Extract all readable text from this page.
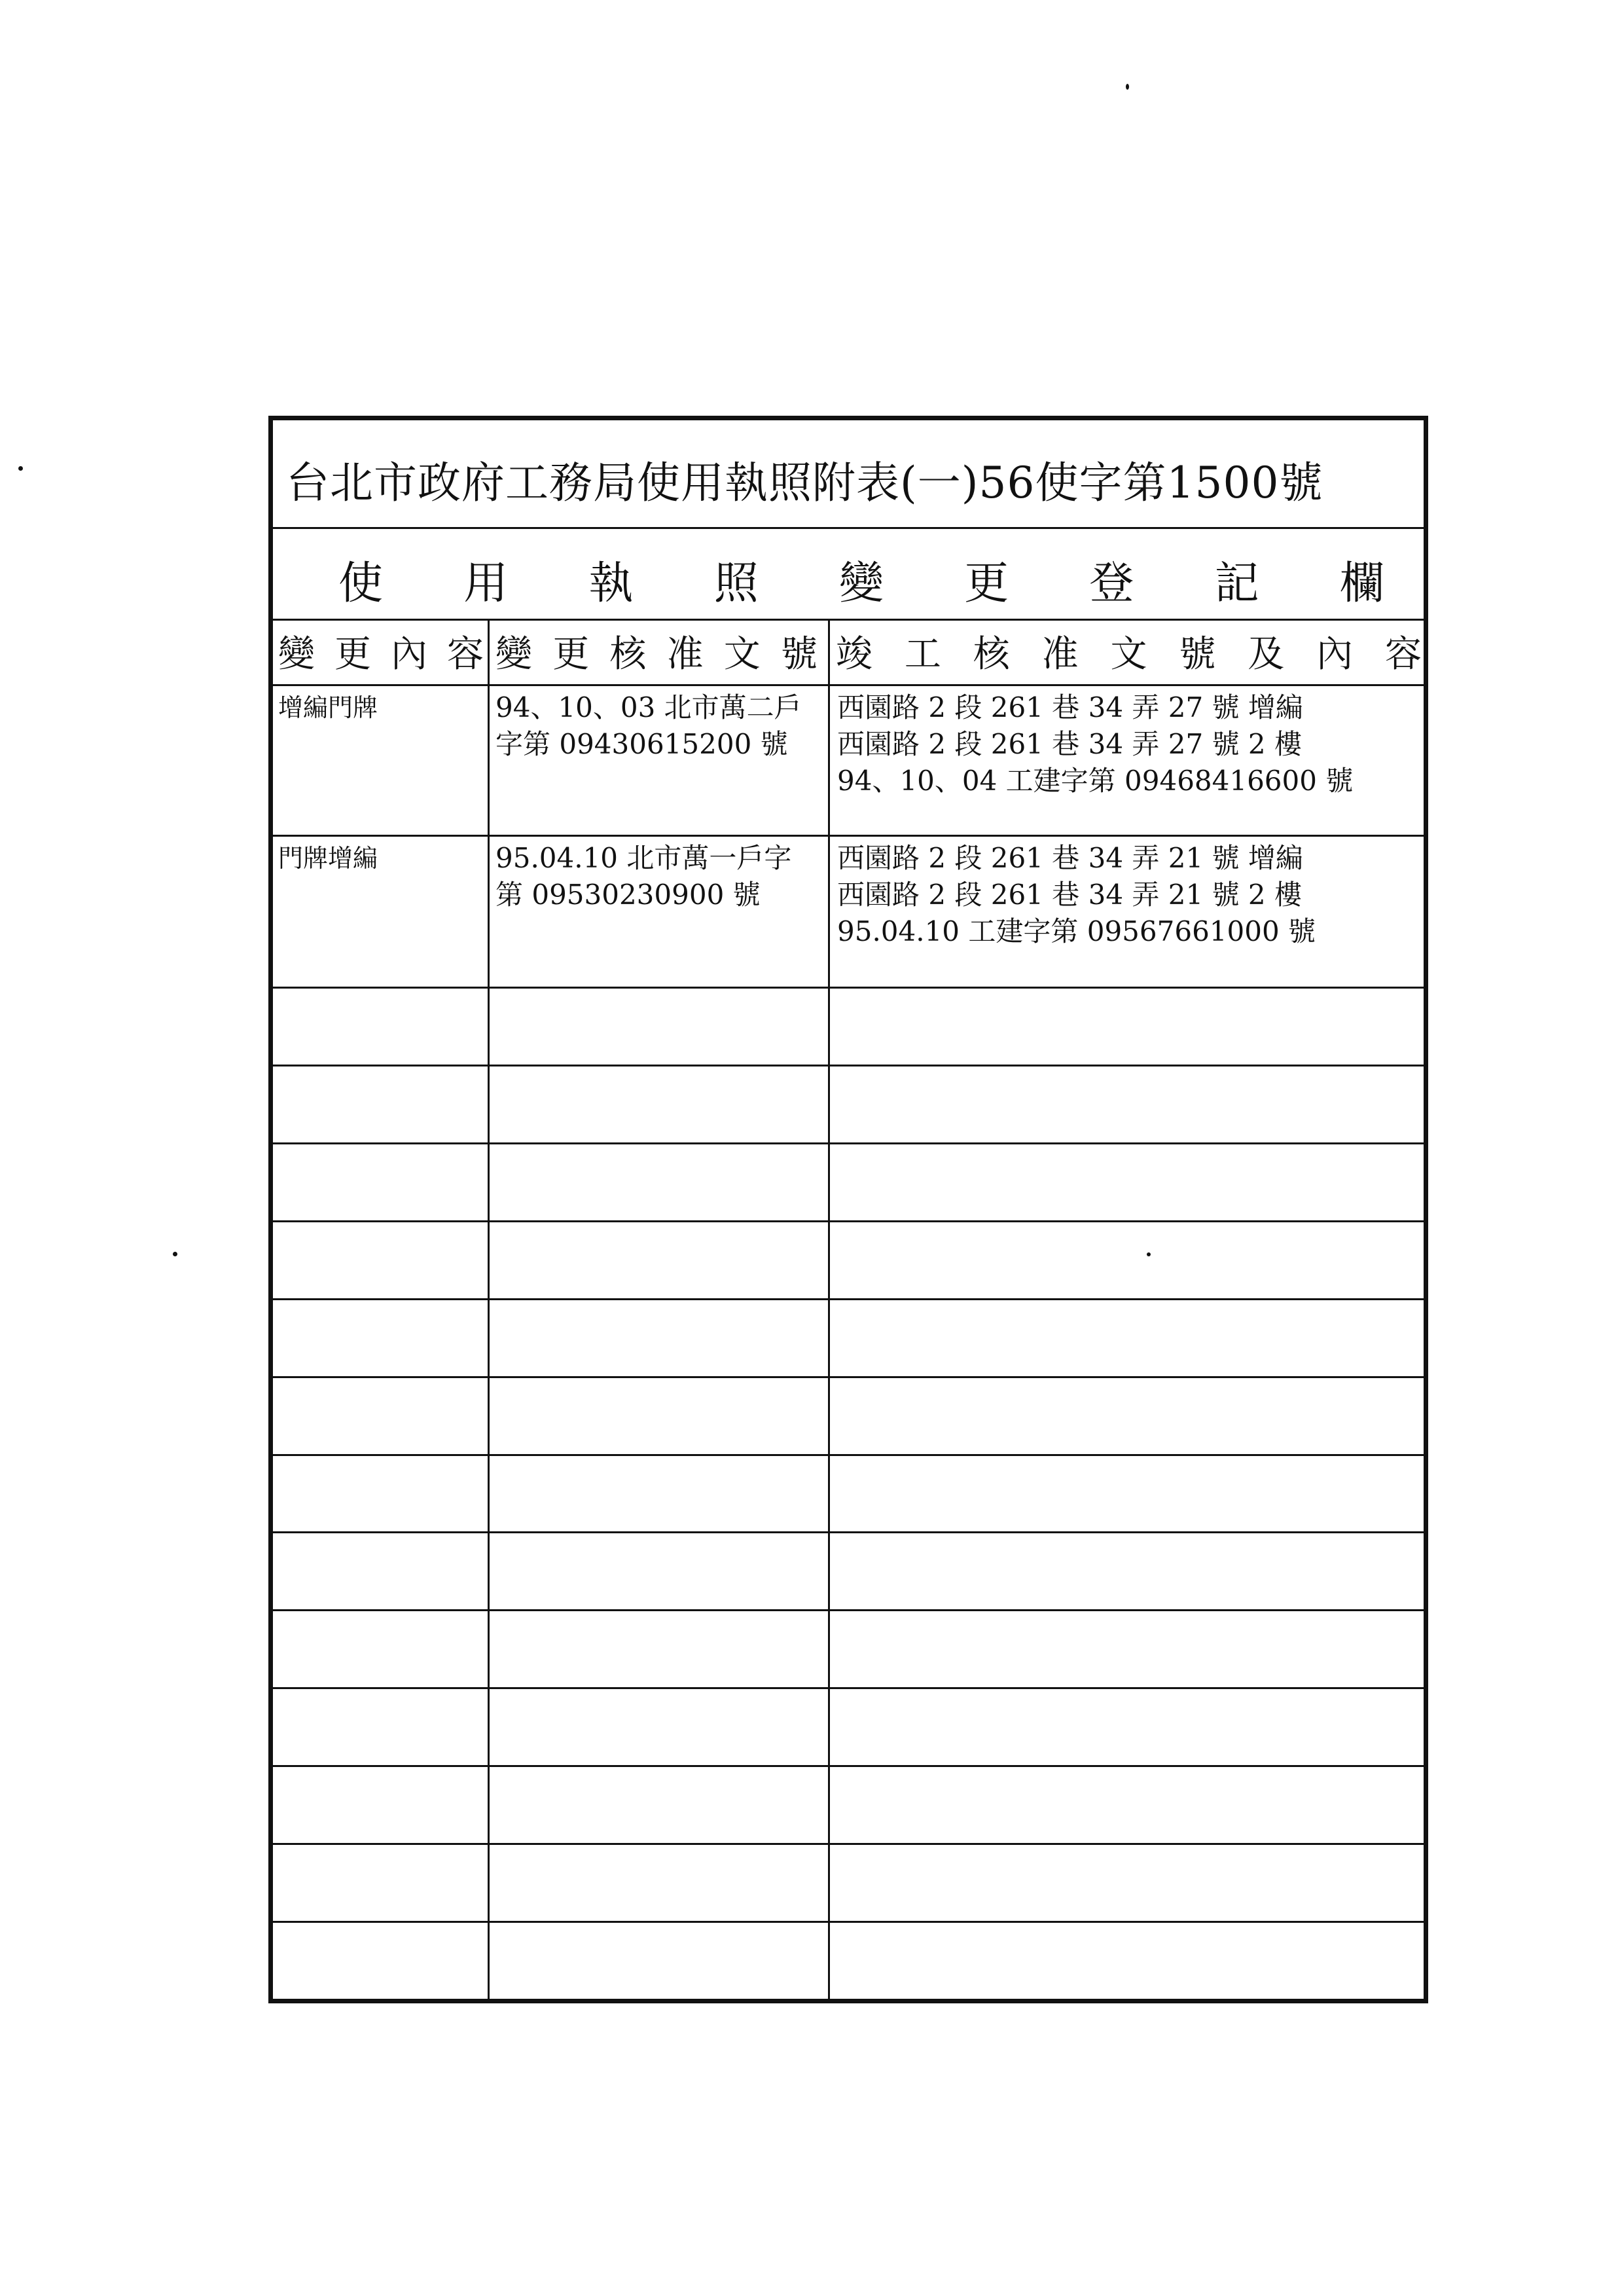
台北市政府工務局使用執照附表(一)56使字第1500號
使 用 執 照 變 更 登 記 欄
變 更 內 容 變 更 核 准 文 號 竣 工 核 准 文 號 及 內 容
增編門牌	94、10、03 北市萬二戶
字第 09430615200 號
西園路 2 段 261 巷 34 弄 27 號 增編
西園路 2 段 261 巷 34 弄 27 號 2 樓
94、10、04 工建字第 09468416600 號
門牌增編	95.04.10 北市萬一戶字
第 09530230900 號
西園路 2 段 261 巷 34 弄 21 號 增編
西園路 2 段 261 巷 34 弄 21 號 2 樓
95.04.10 工建字第 09567661000 號
